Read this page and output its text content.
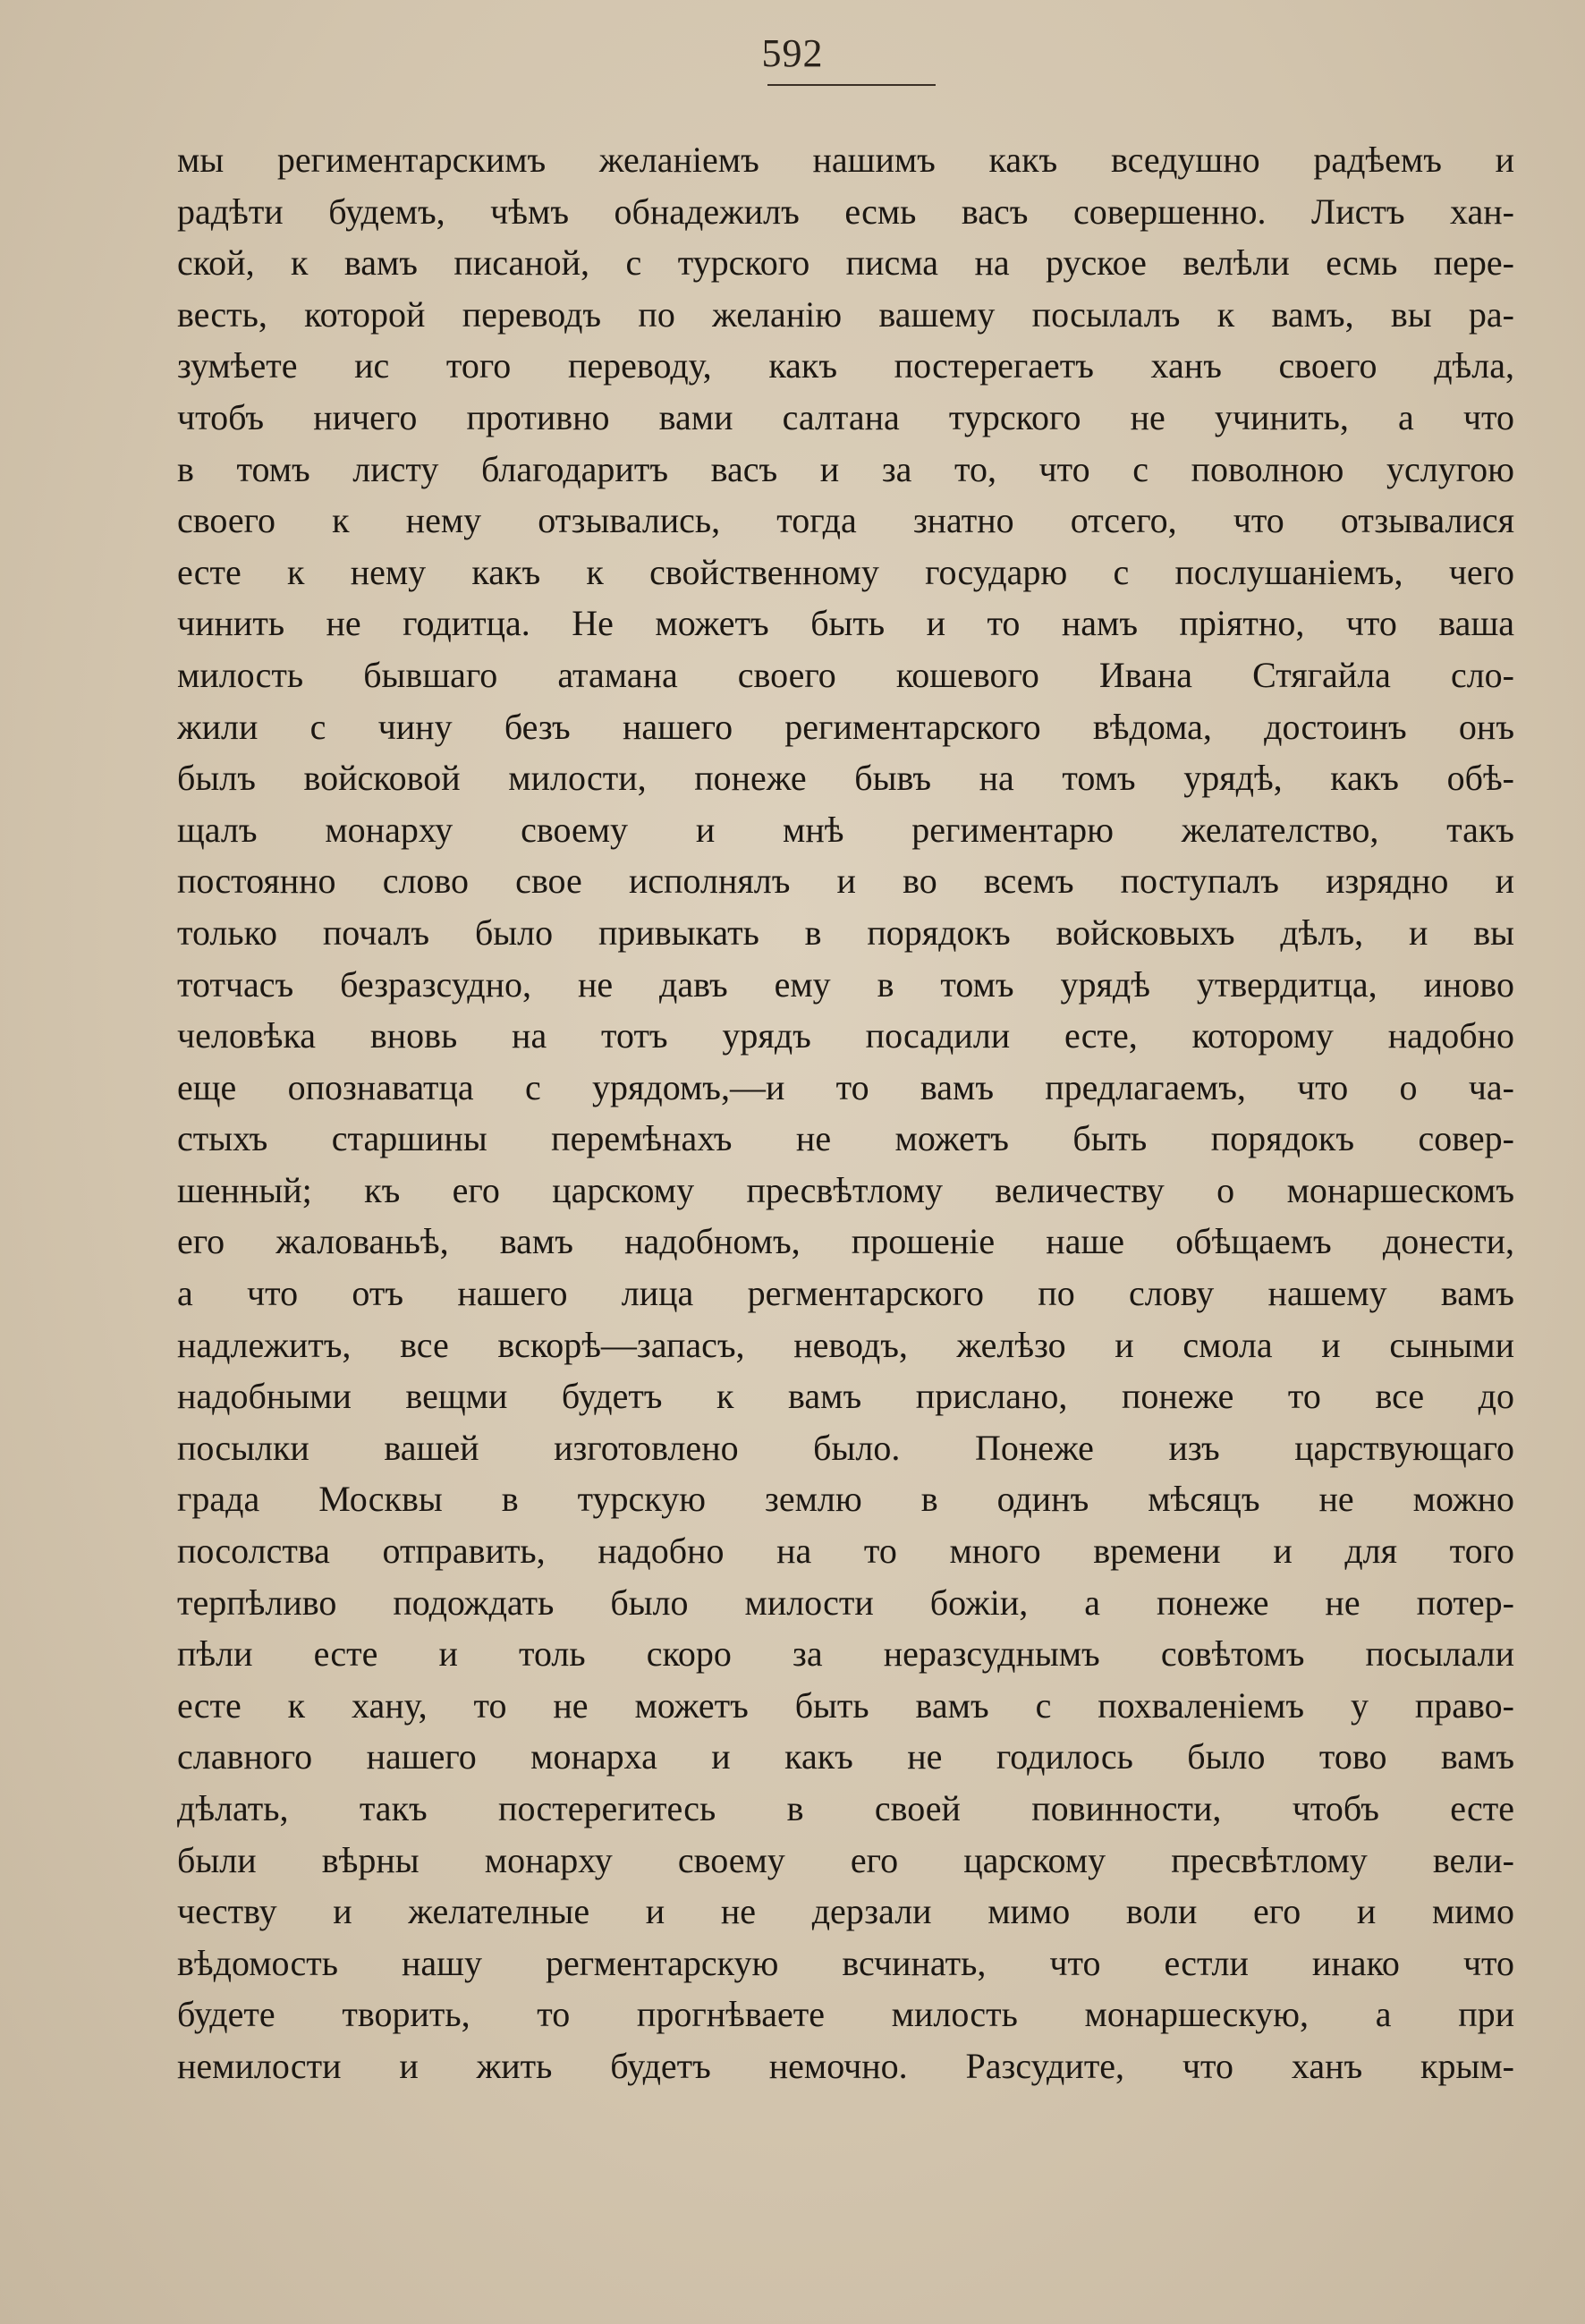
592
мы региментарскимъ желаніемъ нашимъ какъ вседушно радѣемъ и
радѣти будемъ, чѣмъ обнадежилъ есмь васъ совершенно. Листъ хан-
ской, к вамъ писаной, с турского писма на руское велѣли есмь пере-
весть, которой переводъ по желанію вашему посылалъ к вамъ, вы ра-
зумѣете ис того переводу, какъ постерегаетъ ханъ своего дѣла,
чтобъ ничего противно вами салтана турского не учинить, а что
в томъ листу благодаритъ васъ и за то, что с поволною услугою
своего к нему отзывались, тогда знатно отсего, что отзывалися
есте к нему какъ к свойственному государю с послушаніемъ, чего
чинить не годитца. Не можетъ быть и то намъ пріятно, что ваша
милость бывшаго атамана своего кошевого Ивана Стягайла сло-
жили с чину безъ нашего региментарского вѣдома, достоинъ онъ
былъ войсковой милости, понеже бывъ на томъ урядѣ, какъ обѣ-
щалъ монарху своему и мнѣ региментарю желателство, такъ
постоянно слово свое исполнялъ и во всемъ поступалъ изрядно и
только почалъ было привыкать в порядокъ войсковыхъ дѣлъ, и вы
тотчасъ безразсудно, не давъ ему в томъ урядѣ утвердитца, иново
человѣка вновь на тотъ урядъ посадили есте, которому надобно
еще опознаватца с урядомъ,—и то вамъ предлагаемъ, что о ча-
стыхъ старшины перемѣнахъ не можетъ быть порядокъ совер-
шенный; къ его царскому пресвѣтлому величеству о монаршескомъ
его жалованьѣ, вамъ надобномъ, прошеніе наше обѣщаемъ донести,
а что отъ нашего лица регментарского по слову нашему вамъ
надлежитъ, все вскорѣ—запасъ, неводъ, желѣзо и смола и сыными
надобными вещми будетъ к вамъ прислано, понеже то все до
посылки вашей изготовлено было. Понеже изъ царствующаго
града Москвы в турскую землю в одинъ мѣсяцъ не можно
посолства отправить, надобно на то много времени и для того
терпѣливо подождать было милости божіи, а понеже не потер-
пѣли есте и толь скоро за неразсуднымъ совѣтомъ посылали
есте к хану, то не можетъ быть вамъ с похваленіемъ у право-
славного нашего монарха и какъ не годилось было тово вамъ
дѣлать, такъ постерегитесь в своей повинности, чтобъ есте
были вѣрны монарху своему его царскому пресвѣтлому вели-
честву и желателные и не дерзали мимо воли его и мимо
вѣдомость нашу регментарскую всчинать, что естли инако что
будете творить, то прогнѣваете милость монаршескую, а при
немилости и жить будетъ немочно. Разсудите, что ханъ крым-
